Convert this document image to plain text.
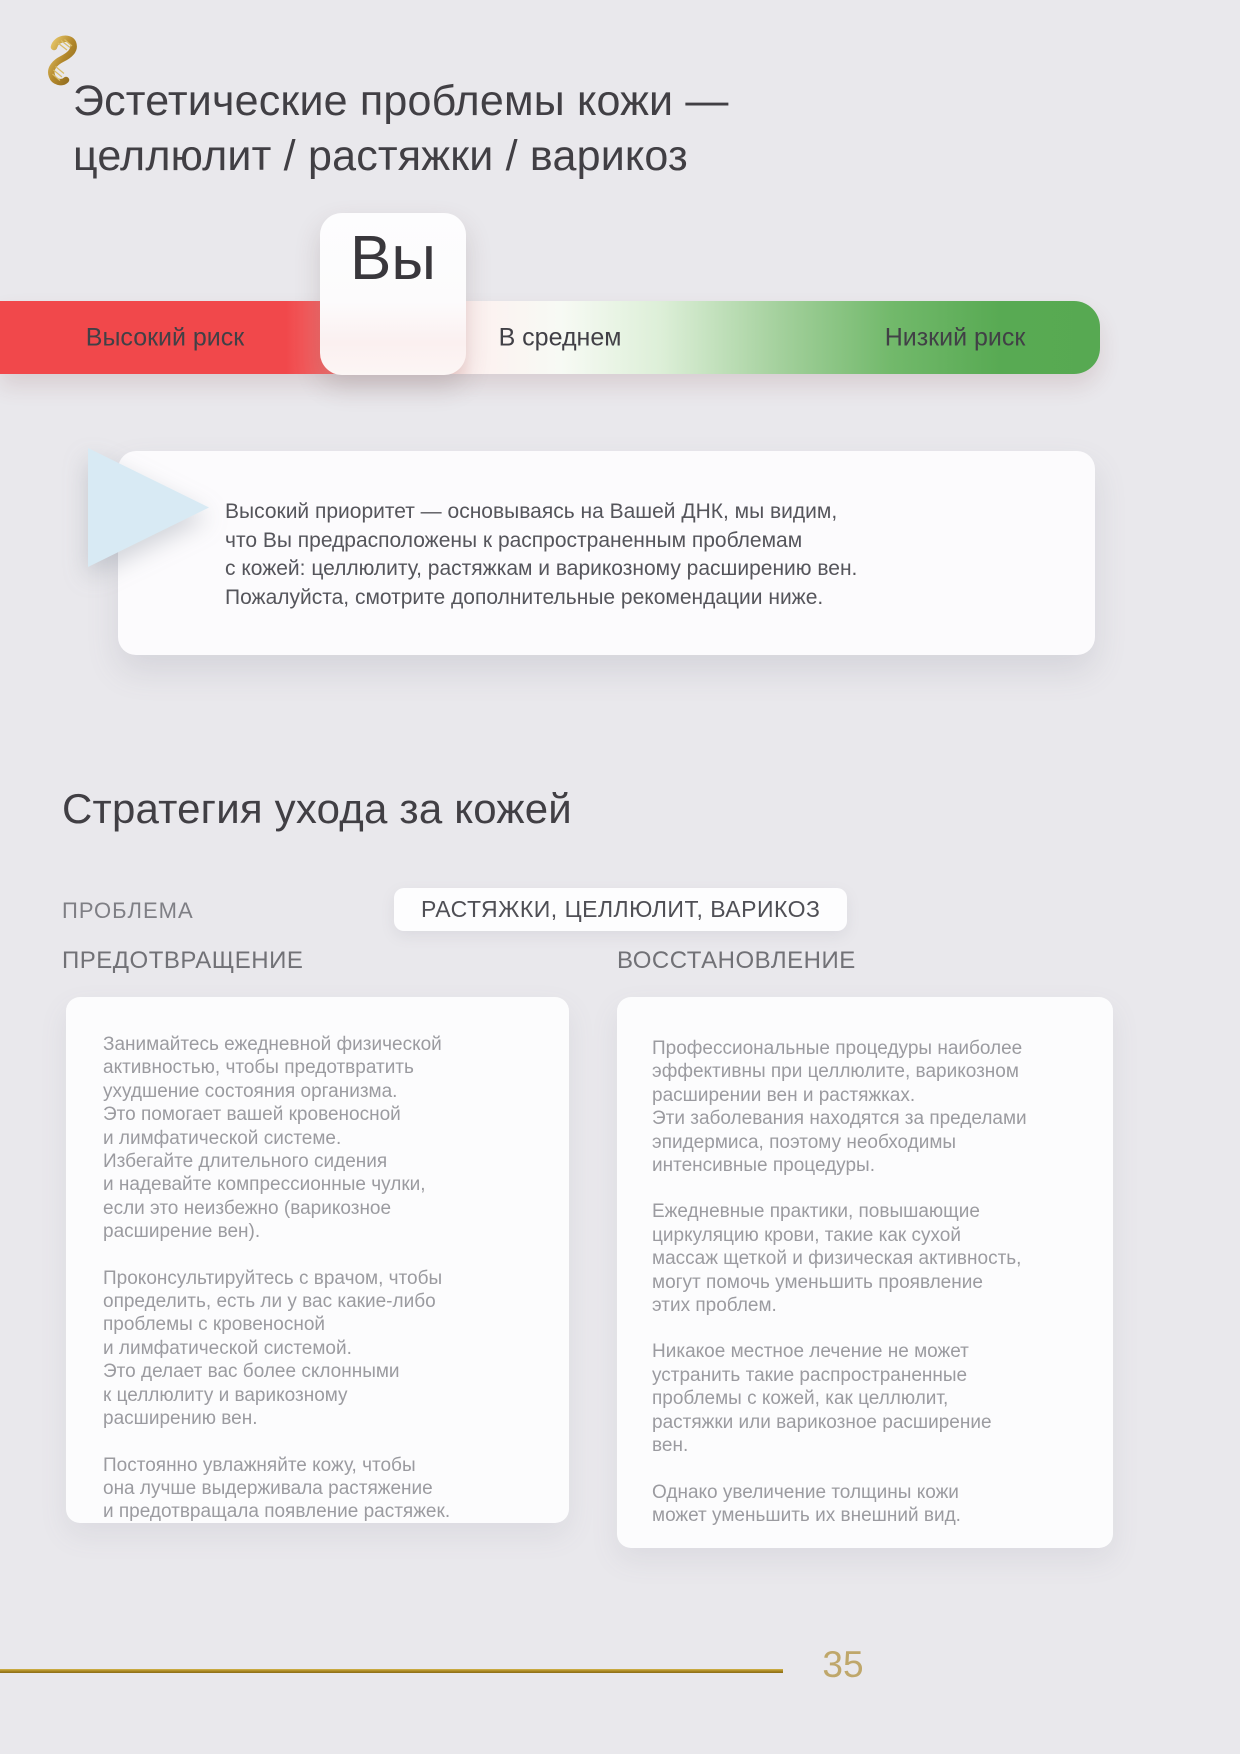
Эстетические проблемы кожи —
целлюлит / растяжки / варикоз
Вы
Высокий риск	В среднем	Низкий риск

Высокий приоритет — основываясь на Вашей ДНК, мы видим,
что Вы предрасположены к распространенным проблемам
с кожей: целлюлиту, растяжкам и варикозному расширению вен.
Пожалуйста, смотрите дополнительные рекомендации ниже.

Стратегия ухода за кожей
ПРОБЛЕМА	РАСТЯЖКИ, ЦЕЛЛЮЛИТ, ВАРИКОЗ
ПРЕДОТВРАЩЕНИЕ	ВОССТАНОВЛЕНИЕ

Занимайтесь ежедневной физической
активностью, чтобы предотвратить
ухудшение состояния организма.
Это помогает вашей кровеносной
и лимфатической системе.
Избегайте длительного сидения
и надевайте компрессионные чулки,
если это неизбежно (варикозное
расширение вен).

Проконсультируйтесь с врачом, чтобы
определить, есть ли у вас какие-либо
проблемы с кровеносной
и лимфатической системой.
Это делает вас более склонными
к целлюлиту и варикозному
расширению вен.

Постоянно увлажняйте кожу, чтобы
она лучше выдерживала растяжение
и предотвращала появление растяжек.

Профессиональные процедуры наиболее
эффективны при целлюлите, варикозном
расширении вен и растяжках.
Эти заболевания находятся за пределами
эпидермиса, поэтому необходимы
интенсивные процедуры.

Ежедневные практики, повышающие
циркуляцию крови, такие как сухой
массаж щеткой и физическая активность,
могут помочь уменьшить проявление
этих проблем.

Никакое местное лечение не может
устранить такие распространенные
проблемы с кожей, как целлюлит,
растяжки или варикозное расширение
вен.

Однако увеличение толщины кожи
может уменьшить их внешний вид.

35
